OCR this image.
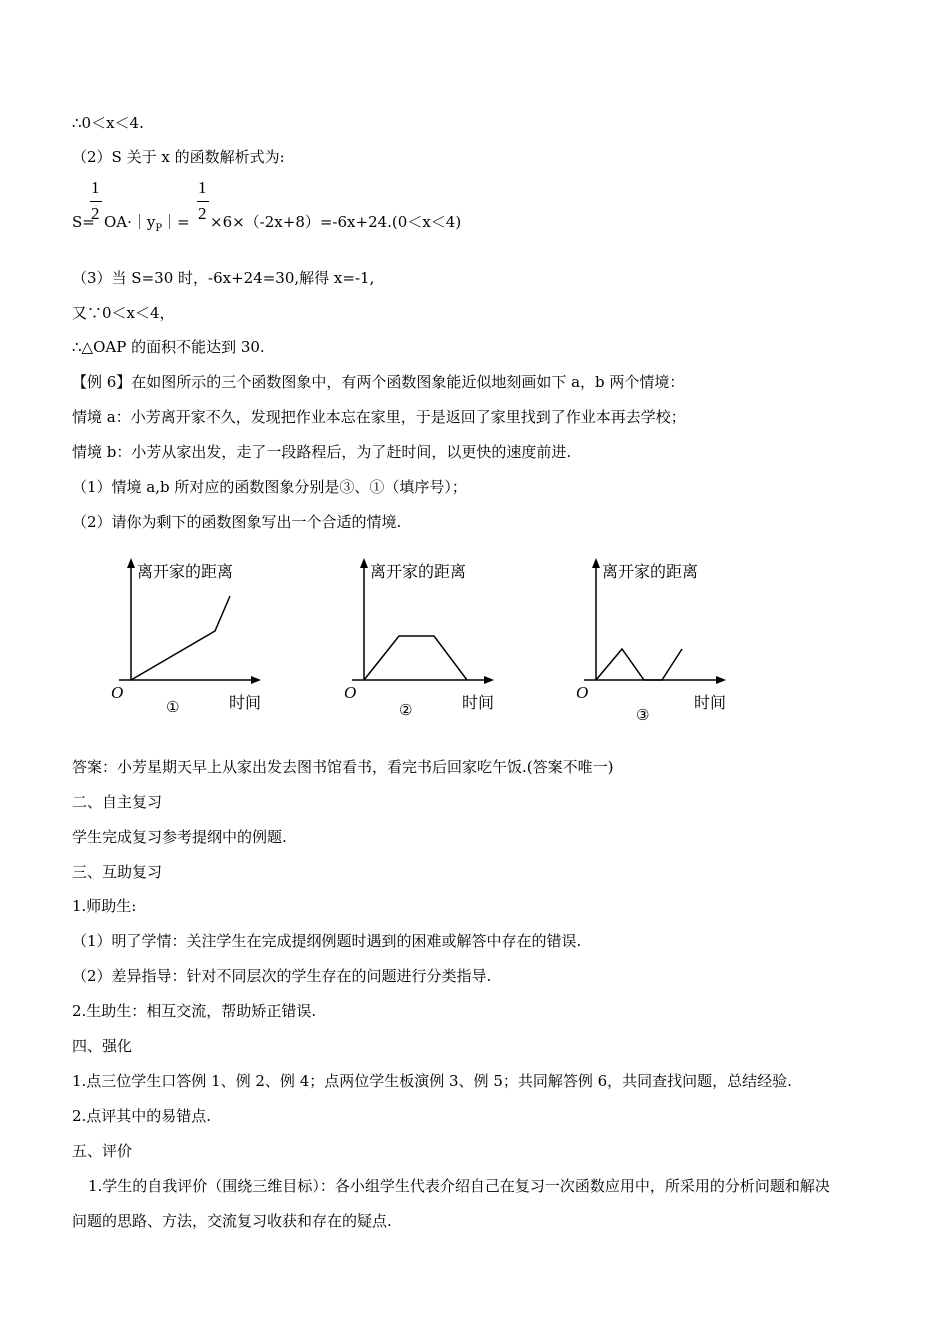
∴0＜x＜4.
（2）S 关于 x 的函数解析式为:
1
2
1
2
$S= OA\cdot|y_P|= \times 6\times(-2x+8)=-6x+24.(0<x<4)$
（3）当 S=30 时，-6x+24=30,解得 x=-1,
又∵0＜x＜4，
∴△OAP 的面积不能达到 30.
【例 6】在如图所示的三个函数图象中，有两个函数图象能近似地刻画如下 a，b 两个情境：
情境 a：小芳离开家不久，发现把作业本忘在家里，于是返回了家里找到了作业本再去学校；
情境 b：小芳从家出发，走了一段路程后，为了赶时间，以更快的速度前进.
（1）情境 a,b 所对应的函数图象分别是③、①（填序号）；
（2）请你为剩下的函数图象写出一个合适的情境.
离开家的距离
时间
O
①
离开家的距离
时间
O
②
离开家的距离
时间
O
③
答案：小芳星期天早上从家出发去图书馆看书，看完书后回家吃午饭.(答案不唯一)
二、自主复习
学生完成复习参考提纲中的例题.
三、互助复习
1.师助生:
（1）明了学情：关注学生在完成提纲例题时遇到的困难或解答中存在的错误.
（2）差异指导：针对不同层次的学生存在的问题进行分类指导.
2.生助生：相互交流，帮助矫正错误.
四、强化
1.点三位学生口答例 1、例 2、例 4；点两位学生板演例 3、例 5；共同解答例 6，共同查找问题，总结经验.
2.点评其中的易错点.
五、评价
1.学生的自我评价（围绕三维目标）：各小组学生代表介绍自己在复习一次函数应用中，所采用的分析问题和解决
问题的思路、方法，交流复习收获和存在的疑点.
